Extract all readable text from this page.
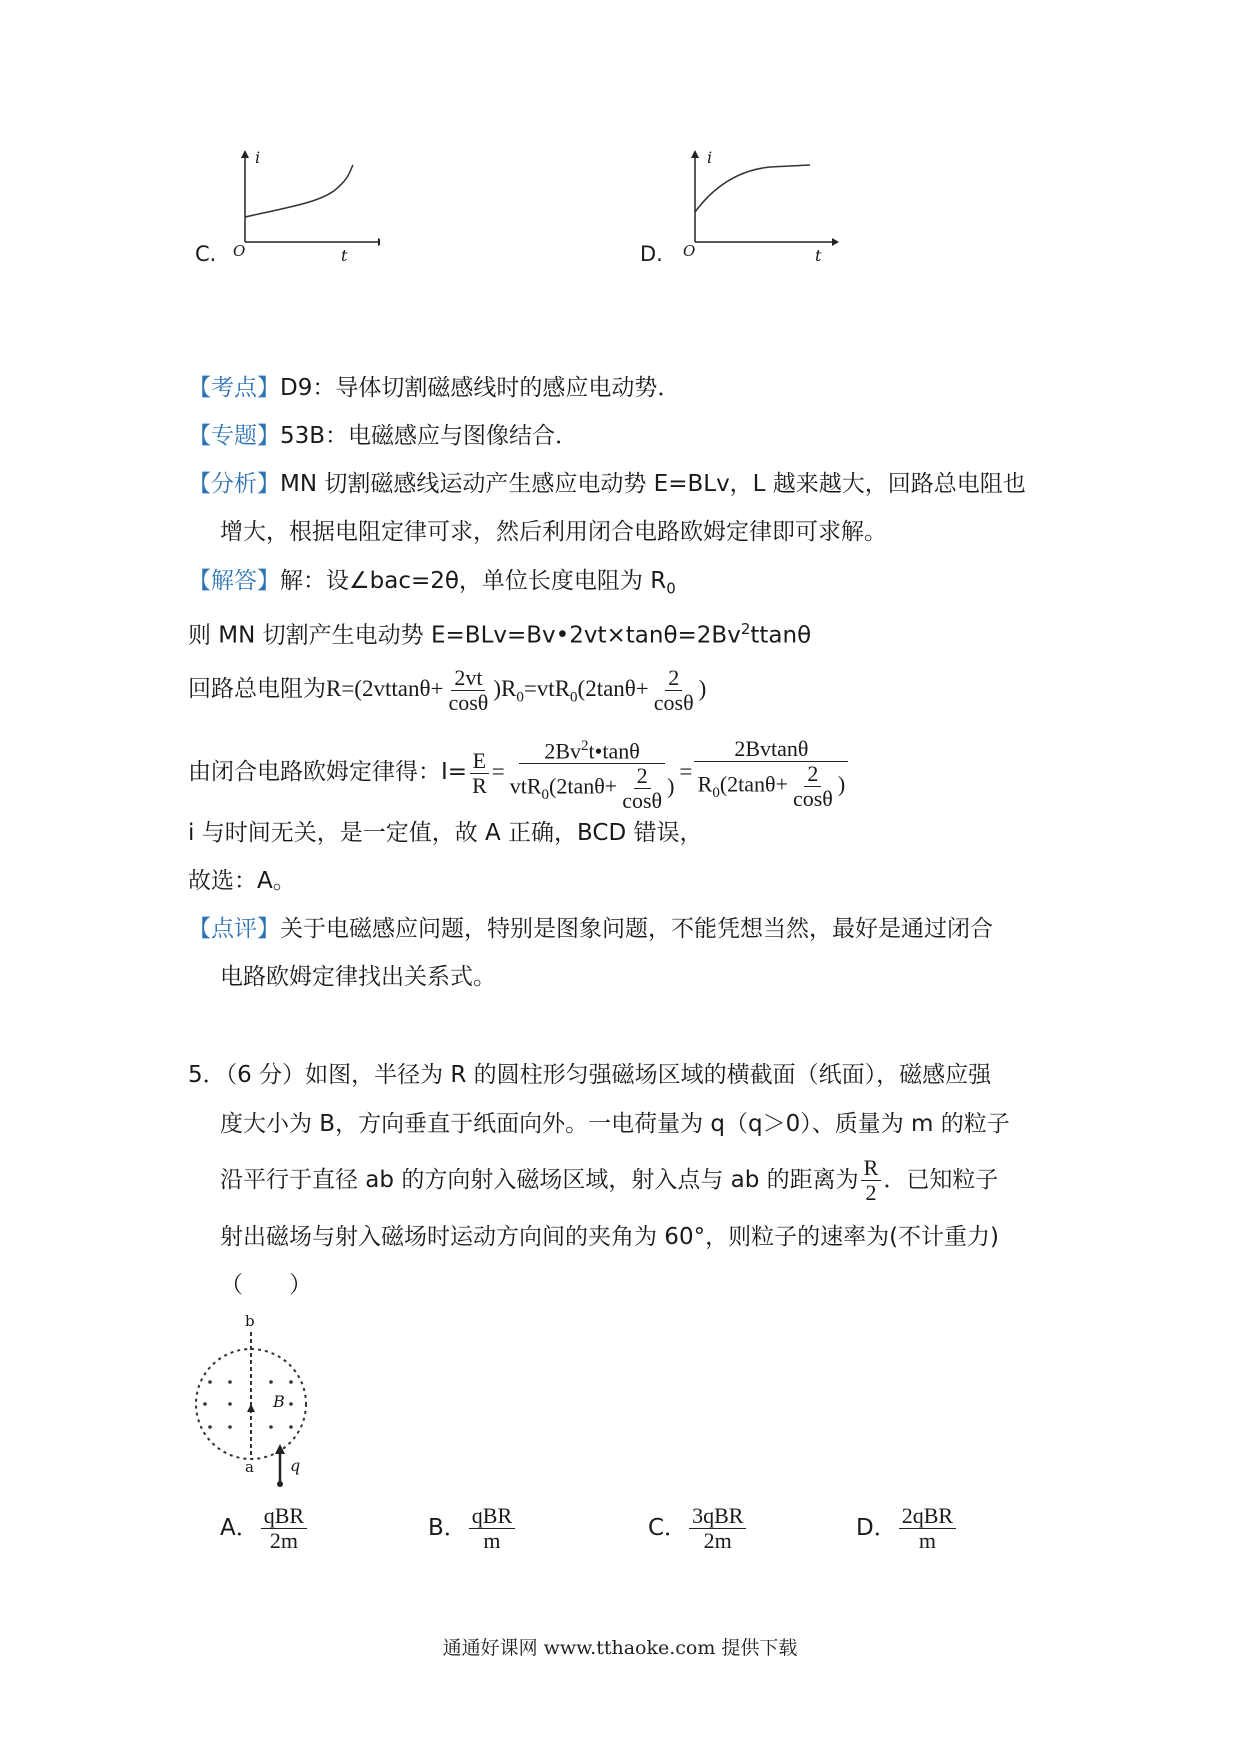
C.
i
t
O	D.
i
t
O
【考点】D9：导体切割磁感线时的感应电动势．
【专题】53B：电磁感应与图像结合．
【分析】MN 切割磁感线运动产生感应电动势 E=BLv，L 越来越大，回路总电阻也
增大，根据电阻定律可求，然后利用闭合电路欧姆定律即可求解。
【解答】解：设∠bac=2θ，单位长度电阻为 $R_0$
则 MN 切割产生电动势 $E=BLv=Bv•2vt\times\tan\theta=2Bv^2ttan\theta$
回路总电阻为$R=(2vttan\theta+ \frac{2vt}{\cos\theta} )R_0=vtR_0(2\tan\theta+ \frac{2}{\cos\theta}$ )
由闭合电路欧姆定律得：$I= \frac{E}{R} = \frac{2Bv^2t•\tan\theta}{vtR_0(2\tan\theta+ \frac{2}{\cos\theta} )} = \frac{2Bvtan\theta}{R_0(2\tan\theta+ \frac{2}{\cos\theta} )}$
i 与时间无关，是一定值，故 A 正确，BCD 错误，
故选：A。
【点评】关于电磁感应问题，特别是图象问题，不能凭想当然，最好是通过闭合
电路欧姆定律找出关系式。
5．（6 分）如图，半径为 R 的圆柱形匀强磁场区域的横截面（纸面），磁感应强
度大小为 B，方向垂直于纸面向外。一电荷量为 q（q＞0）、质量为 m 的粒子
沿平行于直径 ab 的方向射入磁场区域，射入点与 ab 的距离为 $\frac{R}{2}$ ．已知粒子
射出磁场与射入磁场时运动方向间的夹角为 60°，则粒子的速率为(不计重力)
（　　）
b
a
B
q
A． $\frac{\text{qBR}}{2m}$	B． $\frac{\text{qBR}}{m}$	C． $\frac{\text{3qBR}}{2m}$	D． $\frac{\text{2qBR}}{m}$
通通好课网 www.tthaoke.com 提供下载
